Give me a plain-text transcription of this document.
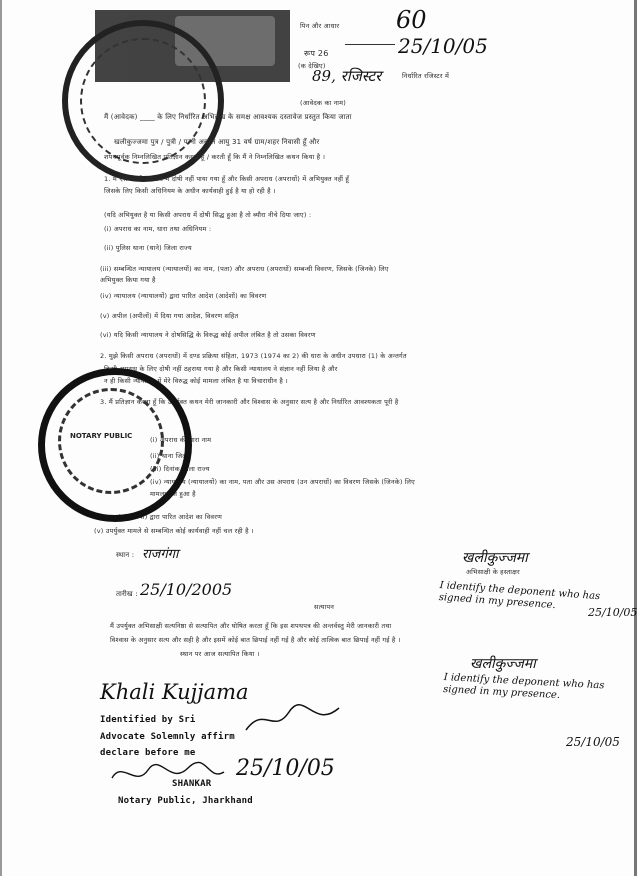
पिन और आधार
रूप 26
(क देखिए)
89, रजिस्टर	निर्धारित रजिस्टर में
60
25/10/05
(आवेदक का नाम)
मैं (आवेदक) ____ के लिए निर्धारित अभिलेख के समक्ष आवश्यक दस्तावेज प्रस्तुत किया जाता
खलीकुज्जमा पुत्र / पुत्री / पत्नी अब्दुल आयु 31 वर्ष ग्राम/शहर निवासी हूँ और
शपथपूर्वक निम्नलिखित प्रतिज्ञान करता हूँ / करती हूँ कि मैं ने निम्नलिखित कथन किया है ।
1. मैं ऐसे किसी अपराध में दोषी नहीं पाया गया हूँ और किसी अपराध (अपराधों) में अभियुक्त नहीं हूँ
जिसके लिए किसी अधिनियम के अधीन कार्यवाही हुई है या हो रही है ।
(यदि अभियुक्त है या किसी अपराध में दोषी सिद्ध हुआ है तो ब्यौरा नीचे दिया जाए) :
(i) अपराध का नाम, धारा तथा अधिनियम :
(ii) पुलिस थाना (थाने) जिला राज्य
(iii) सम्बन्धित न्यायालय (न्यायालयों) का नाम, (पता) और अपराध (अपराधों) सम्बन्धी विवरण, जिसके (जिनके) लिए
अभियुक्त किया गया है
(iv) न्यायालय (न्यायालयों) द्वारा पारित आदेश (आदेशों) का विवरण
(v) अपील (अपीलों) में दिया गया आदेश, विवरण सहित
(vi) यदि किसी न्यायालय ने दोषसिद्धि के विरुद्ध कोई अपील लंबित है तो उसका विवरण
2. मुझे किसी अपराध (अपराधों) में दण्ड प्रक्रिया संहिता, 1973 (1974 का 2) की धारा के अधीन उपधारा (1) के अन्तर्गत
किसी अपराध के लिए दोषी नहीं ठहराया गया है और किसी न्यायालय ने संज्ञान नहीं लिया है और
न ही किसी न्यायालय में मेरे विरुद्ध कोई मामला लंबित है या विचाराधीन है ।
3. मैं प्रतिज्ञान करता हूँ कि उपर्युक्त कथन मेरी जानकारी और विश्वास के अनुसार सत्य है और निर्धारित आवश्यकता पूरी है
(i) अपराध की धारा नाम
(ii) थाना जिला
(iii) दिनांक जिला राज्य
(iv) न्यायालय (न्यायालयों) का नाम, पता और उस अपराध (उन अपराधों) का विवरण जिसके (जिनके) लिए
मामला दर्ज हुआ है
न्यायालय (न्यायालयों) द्वारा पारित आदेश का विवरण
(v) उपर्युक्त मामले से सम्बन्धित कोई कार्यवाही नहीं चल रही है ।
NOTARY PUBLIC
स्थान : राजगंगा
तारीख : 25/10/2005
खलीकुज्जमा
अभिसाक्षी के हस्ताक्षर
I identify the deponent who has signed in my presence.
25/10/05
सत्यापन
मैं उपर्युक्त अभिसाक्षी सत्यनिष्ठा से सत्यापित और घोषित करता हूँ कि इस शपथपत्र की अन्तर्वस्तु मेरी जानकारी तथा
विश्वास के अनुसार सत्य और सही है और इसमें कोई बात छिपाई नहीं गई है और कोई तात्विक बात छिपाई नहीं गई है ।
स्थान पर आज सत्यापित किया ।
खलीकुज्जमा
I identify the deponent who has signed in my presence.
25/10/05
Khali Kujjama
Identified by Sri
Advocate Solemnly affirm
declare before me
SHANKAR
Notary Public, Jharkhand
25/10/05
